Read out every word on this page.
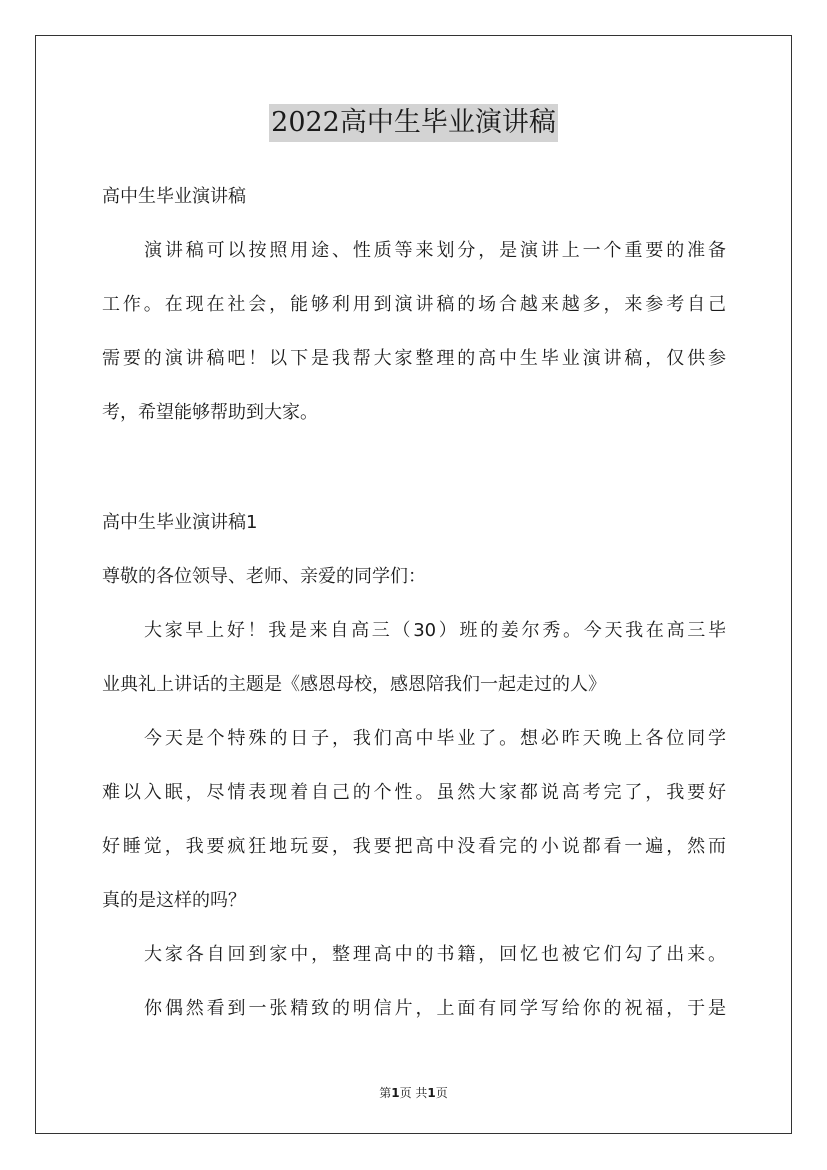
2022高中生毕业演讲稿
高中生毕业演讲稿
演讲稿可以按照用途、性质等来划分，是演讲上一个重要的准备
工作。在现在社会，能够利用到演讲稿的场合越来越多，来参考自己
需要的演讲稿吧！以下是我帮大家整理的高中生毕业演讲稿，仅供参
考，希望能够帮助到大家。
高中生毕业演讲稿1
尊敬的各位领导、老师、亲爱的同学们：
大家早上好！我是来自高三（30）班的姜尔秀。今天我在高三毕
业典礼上讲话的主题是《感恩母校，感恩陪我们一起走过的人》
今天是个特殊的日子，我们高中毕业了。想必昨天晚上各位同学
难以入眠，尽情表现着自己的个性。虽然大家都说高考完了，我要好
好睡觉，我要疯狂地玩耍，我要把高中没看完的小说都看一遍，然而
真的是这样的吗？
大家各自回到家中，整理高中的书籍，回忆也被它们勾了出来。
你偶然看到一张精致的明信片，上面有同学写给你的祝福，于是
第1页 共1页
